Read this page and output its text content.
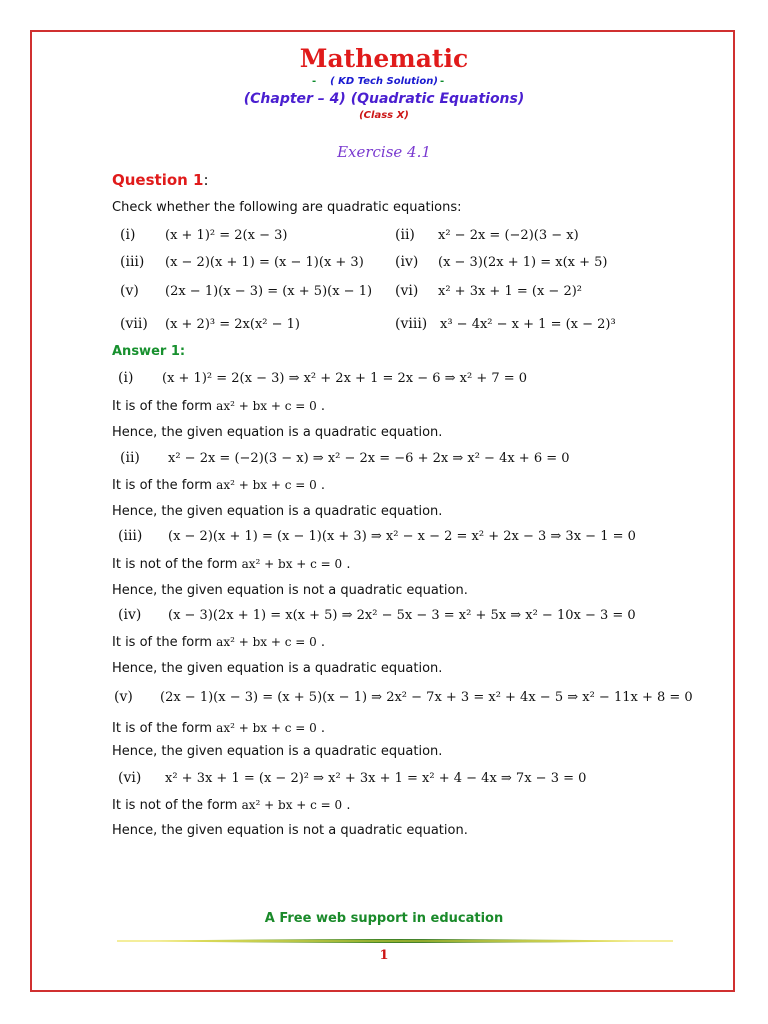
Mathematic
-	-
( KD Tech Solution)
(Chapter – 4) (Quadratic Equations)
(Class X)
Exercise 4.1
Question 1:
Check whether the following are quadratic equations:
(i) (x + 1)² = 2(x − 3)	(ii) x² − 2x = (−2)(3 − x)
(iii) (x − 2)(x + 1) = (x − 1)(x + 3) (iv) (x − 3)(2x + 1) = x(x + 5)
(v) (2x − 1)(x − 3) = (x + 5)(x − 1) (vi) x² + 3x + 1 = (x − 2)²
(vii) (x + 2)³ = 2x(x² − 1)	(viii) x³ − 4x² − x + 1 = (x − 2)³
Answer 1:
(i) (x + 1)² = 2(x − 3) ⇒ x² + 2x + 1 = 2x − 6 ⇒ x² + 7 = 0
It is of the form ax² + bx + c = 0 .
Hence, the given equation is a quadratic equation.
(ii) x² − 2x = (−2)(3 − x) ⇒ x² − 2x = −6 + 2x ⇒ x² − 4x + 6 = 0
It is of the form ax² + bx + c = 0 .
Hence, the given equation is a quadratic equation.
(iii) (x − 2)(x + 1) = (x − 1)(x + 3) ⇒ x² − x − 2 = x² + 2x − 3 ⇒ 3x − 1 = 0
It is not of the form ax² + bx + c = 0 .
Hence, the given equation is not a quadratic equation.
(iv) (x − 3)(2x + 1) = x(x + 5) ⇒ 2x² − 5x − 3 = x² + 5x ⇒ x² − 10x − 3 = 0
It is of the form ax² + bx + c = 0 .
Hence, the given equation is a quadratic equation.
(v) (2x − 1)(x − 3) = (x + 5)(x − 1) ⇒ 2x² − 7x + 3 = x² + 4x − 5 ⇒ x² − 11x + 8 = 0
It is of the form ax² + bx + c = 0 .
Hence, the given equation is a quadratic equation.
(vi) x² + 3x + 1 = (x − 2)² ⇒ x² + 3x + 1 = x² + 4 − 4x ⇒ 7x − 3 = 0
It is not of the form ax² + bx + c = 0 .
Hence, the given equation is not a quadratic equation.
A Free web support in education
1
